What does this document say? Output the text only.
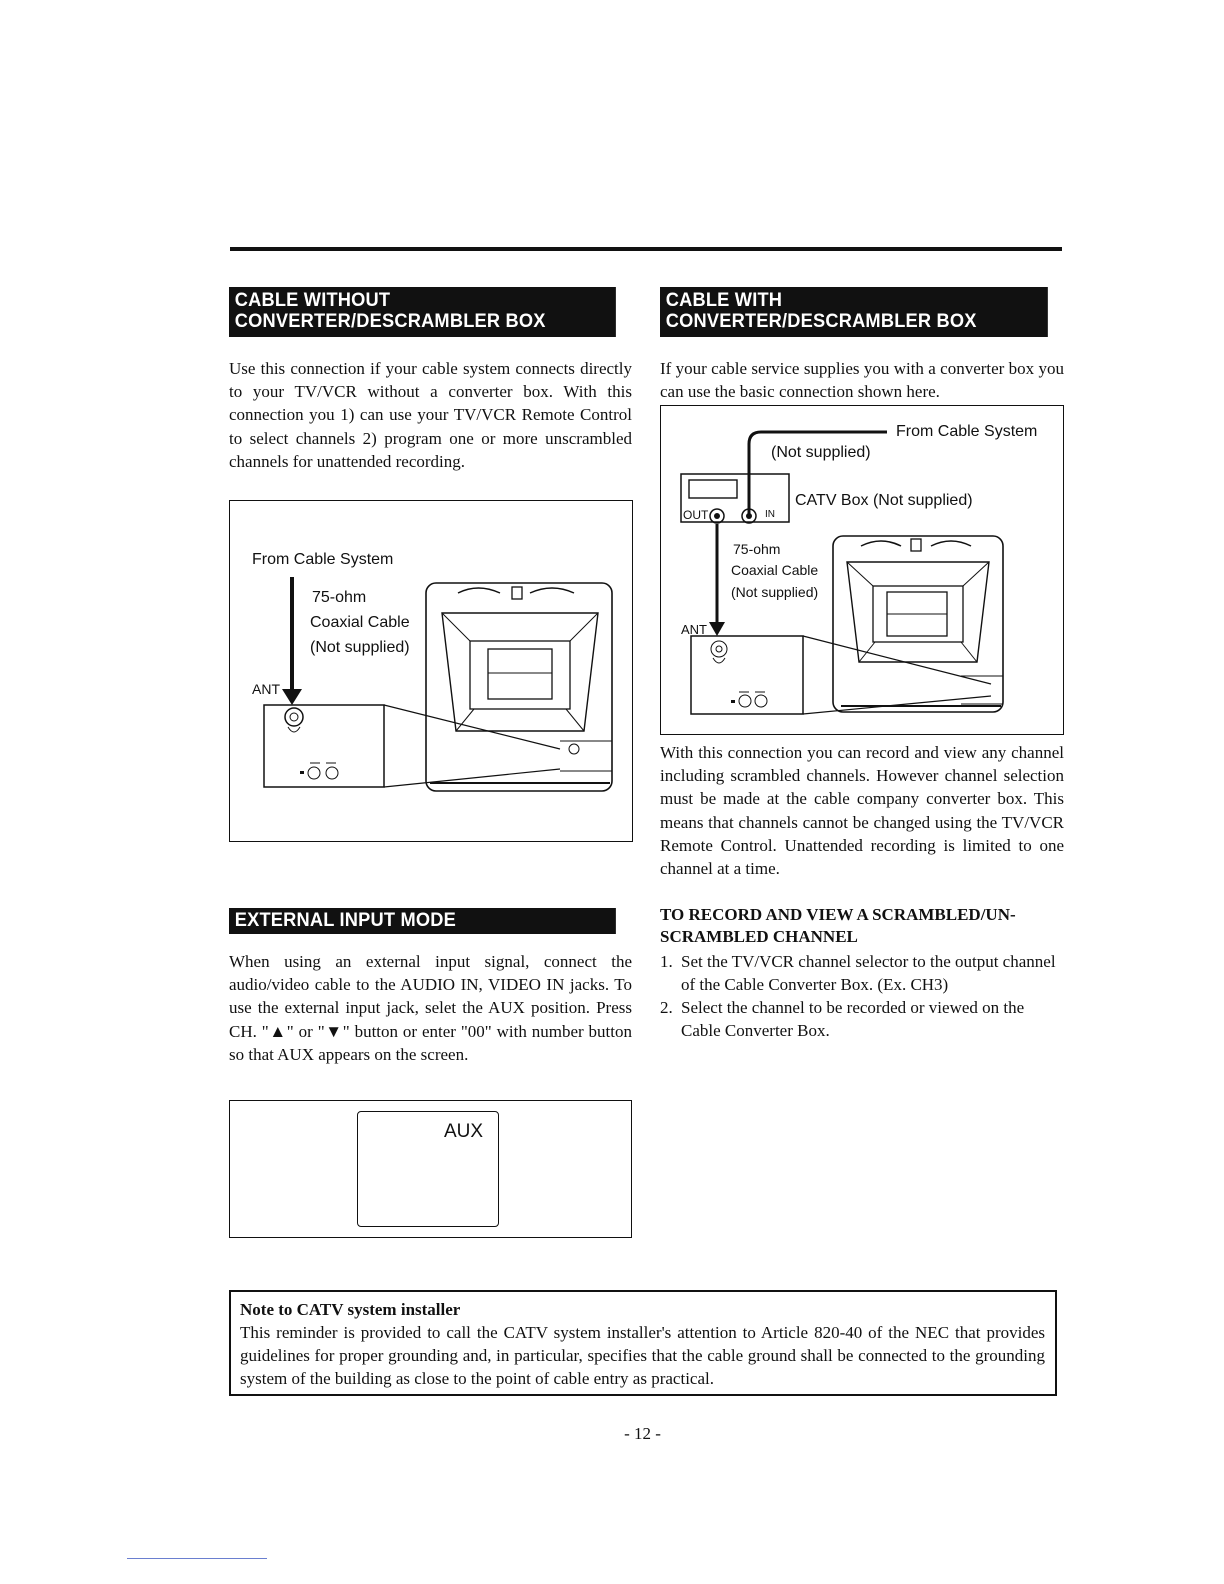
CABLE WITHOUT
CONVERTER/DESCRAMBLER BOX

Use this connection if your cable system connects directly to your TV/VCR without a converter box. With this connection you 1) can use your TV/VCR Remote Control to select channels 2) program one or more unscrambled channels for unattended recording.

From Cable System
75-ohm
Coaxial Cable
(Not supplied)
ANT
EXTERNAL INPUT MODE

When using an external input signal, connect the audio/video cable to the AUDIO IN, VIDEO IN jacks. To use the external input jack, selet the AUX position. Press CH. "▲" or "▼" button or enter "00" with number button so that AUX appears on the screen.

AUX
CABLE WITH
CONVERTER/DESCRAMBLER BOX

If your cable service supplies you with a converter box you can use the basic connection shown here.

From Cable System
(Not supplied)
CATV Box (Not supplied)
OUT	IN
75-ohm
Coaxial Cable
(Not supplied)
ANT

With this connection you can record and view any channel including scrambled channels. However channel selection must be made at the cable company converter box. This means that channels cannot be changed using the TV/VCR Remote Control. Unattended recording is limited to one channel at a time.

TO RECORD AND VIEW A SCRAMBLED/UN-

SCRAMBLED CHANNEL

1. Set the TV/VCR channel selector to the output channel of the Cable Converter Box. (Ex. CH3)
2. Select the channel to be recorded or viewed on the Cable Converter Box.

Note to CATV system installer

This reminder is provided to call the CATV system installer's attention to Article 820-40 of the NEC that provides guidelines for proper grounding and, in particular, specifies that the cable ground shall be connected to the grounding system of the building as close to the point of cable entry as practical.

- 12 -
